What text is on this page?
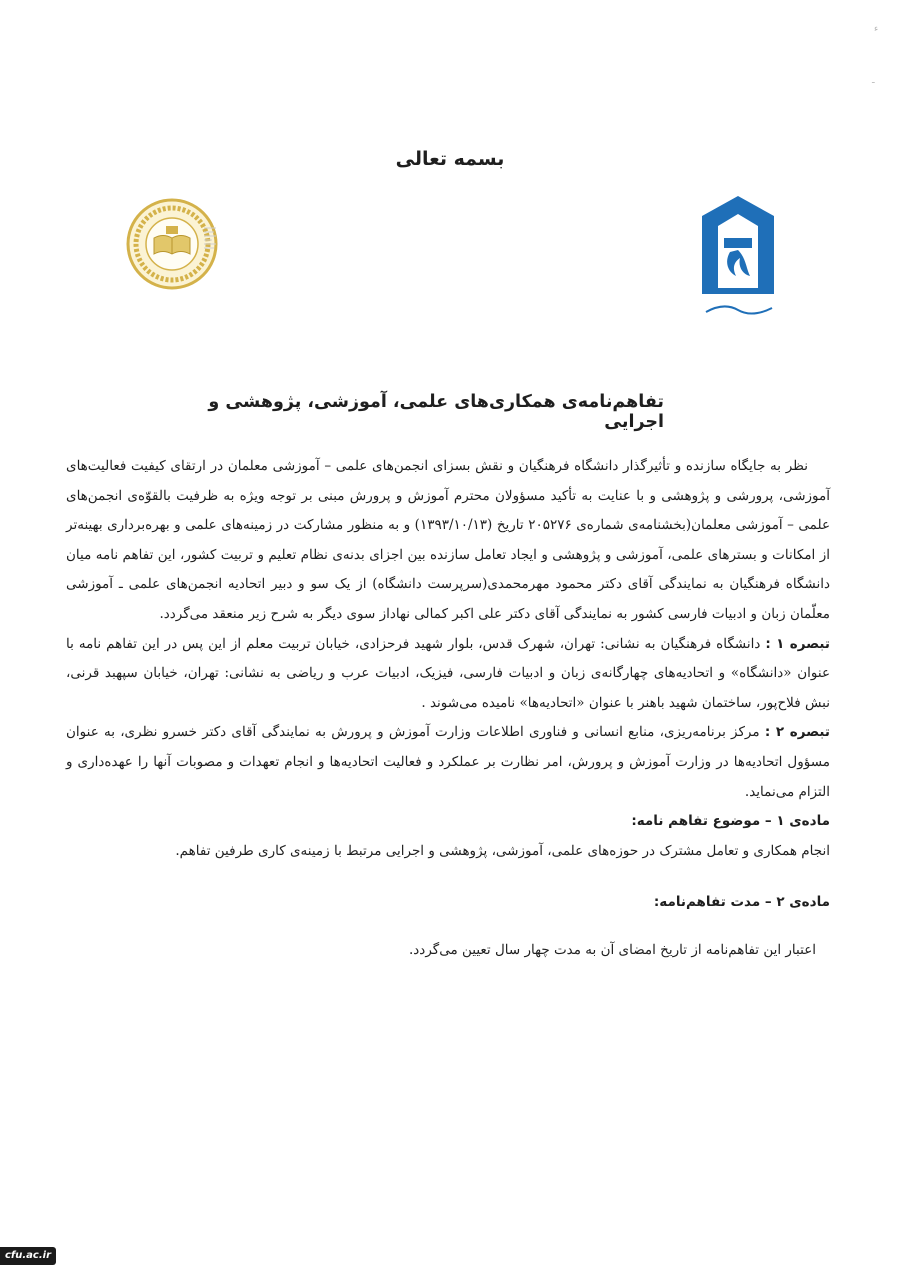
ء
ـ
بسمه تعالی
تفاهم‌نامه‌ی همکاری‌های علمی، آموزشی، پژوهشی و اجرایی

نظر به جایگاه سازنده و تأثیرگذار دانشگاه فرهنگیان و نقش بسزای انجمن‌های علمی – آموزشی معلمان در ارتقای کیفیت فعالیت‌های آموزشی، پرورشی و پژوهشی و با عنایت به تأکید مسؤولان محترم آموزش و پرورش مبنی بر توجه ویژه به ظرفیت بالقوّه‌ی انجمن‌های علمی – آموزشی معلمان(بخشنامه‌ی شماره‌ی ۲۰۵۲۷۶ تاریخ (۱۳۹۳/۱۰/۱۳) و به منظور مشارکت در زمینه‌های علمی و بهره‌برداری بهینه‌تر از امکانات و بسترهای علمی، آموزشی و پژوهشی و ایجاد تعامل سازنده بین اجزای بدنه‌ی نظام تعلیم و تربیت کشور، این تفاهم نامه میان دانشگاه فرهنگیان به نمایندگی آقای دکتر محمود مهرمحمدی(سرپرست دانشگاه) از یک سو و دبیر اتحادیه انجمن‌های علمی ـ آموزشی معلّمان زبان و ادبیات فارسی کشور به نمایندگی آقای دکتر علی اکبر کمالی نهاداز سوی دیگر به شرح زیر منعقد می‌گردد.

تبصره ۱ : دانشگاه فرهنگیان به نشانی: تهران، شهرک قدس، بلوار شهید فرحزادی، خیابان تربیت معلم از این پس در این تفاهم نامه با عنوان «دانشگاه» و اتحادیه‌های چهارگانه‌ی زبان و ادبیات فارسی، فیزیک، ادبیات عرب و ریاضی به نشانی: تهران، خیابان سپهبد قرنی، نبش فلاح‌پور، ساختمان شهید باهنر با عنوان «اتحادیه‌ها» نامیده می‌شوند .

تبصره ۲ : مرکز برنامه‌ریزی، منابع انسانی و فناوری اطلاعات وزارت آموزش و پرورش به نمایندگی آقای دکتر خسرو نظری، به عنوان مسؤول اتحادیه‌ها در وزارت آموزش و پرورش، امر نظارت بر عملکرد و فعالیت اتحادیه‌ها و انجام تعهدات و مصوبات آنها را عهده‌داری و التزام می‌نماید.

ماده‌ی ۱ – موضوع تفاهم نامه:

انجام همکاری و تعامل مشترک در حوزه‌های علمی، آموزشی، پژوهشی و اجرایی مرتبط با زمینه‌ی کاری طرفین تفاهم.

ماده‌ی ۲ – مدت تفاهم‌نامه:

اعتبار این تفاهم‌نامه از تاریخ امضای آن به مدت چهار سال تعیین می‌گردد.

cfu.ac.ir
